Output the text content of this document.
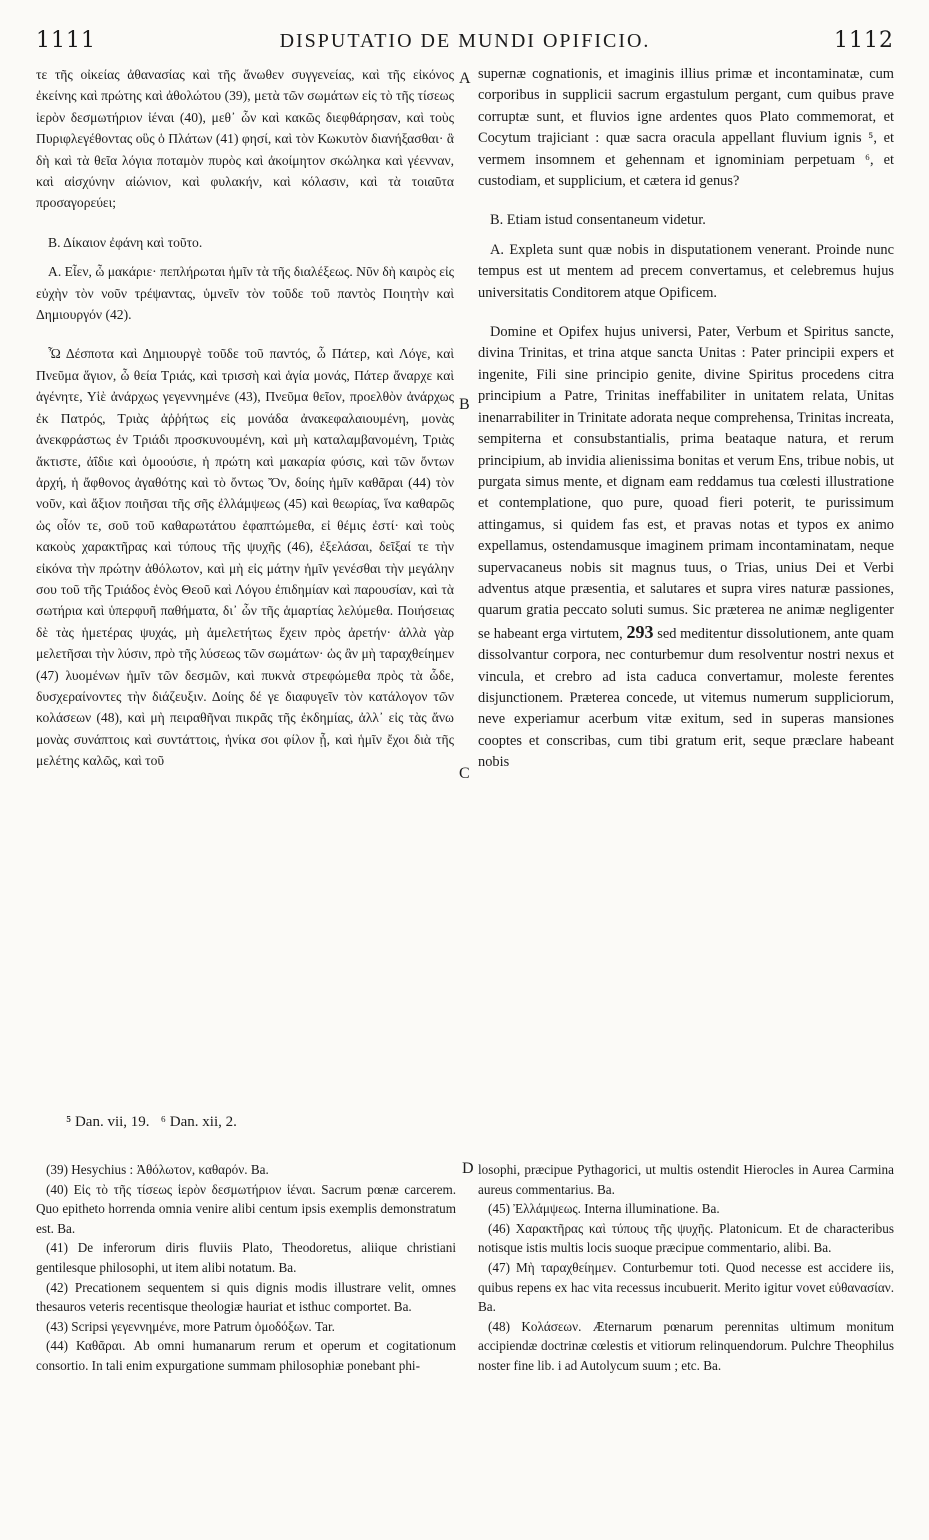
1111	DISPUTATIO DE MUNDI OPIFICIO.	1112
A
B
C
D

τε τῆς οἰκείας ἀθανασίας καὶ τῆς ἄνωθεν συγγενείας, καὶ τῆς εἰκόνος ἐκείνης καὶ πρώτης καὶ ἀθολώτου (39), μετὰ τῶν σωμάτων εἰς τὸ τῆς τίσεως ἱερὸν δεσμωτήριον ἰέναι (40), μεθ᾽ ὧν καὶ κακῶς διεφθάρησαν, καὶ τοὺς Πυριφλεγέθοντας οὓς ὁ Πλάτων (41) φησί, καὶ τὸν Κωκυτὸν διανήξασθαι· ἃ δὴ καὶ τὰ θεῖα λόγια ποταμὸν πυρὸς καὶ ἀκοίμητον σκώληκα καὶ γέενναν, καὶ αἰσχύνην αἰώνιον, καὶ φυλακήν, καὶ κόλασιν, καὶ τὰ τοιαῦτα προσαγορεύει;

Β. Δίκαιον ἐφάνη καὶ τοῦτο.

Α. Εἶεν, ὦ μακάριε· πεπλήρωται ἡμῖν τὰ τῆς διαλέξεως. Νῦν δὴ καιρὸς εἰς εὐχὴν τὸν νοῦν τρέψαντας, ὑμνεῖν τὸν τοῦδε τοῦ παντὸς Ποιητὴν καὶ Δημιουργόν (42).

Ὦ Δέσποτα καὶ Δημιουργὲ τοῦδε τοῦ παντός, ὦ Πάτερ, καὶ Λόγε, καὶ Πνεῦμα ἅγιον, ὦ θεία Τριάς, καὶ τρισσὴ καὶ ἁγία μονάς, Πάτερ ἄναρχε καὶ ἀγένητε, Υἱὲ ἀνάρχως γεγεννημένε (43), Πνεῦμα θεῖον, προελθὸν ἀνάρχως ἐκ Πατρός, Τριὰς ἀῤῥήτως εἰς μονάδα ἀνακεφαλαιουμένη, μονὰς ἀνεκφράστως ἐν Τριάδι προσκυνουμένη, καὶ μὴ καταλαμβανομένη, Τριὰς ἄκτιστε, ἀΐδιε καὶ ὁμοούσιε, ἡ πρώτη καὶ μακαρία φύσις, καὶ τῶν ὄντων ἀρχή, ἡ ἄφθονος ἀγαθότης καὶ τὸ ὄντως Ὄν, δοίης ἡμῖν καθᾶραι (44) τὸν νοῦν, καὶ ἄξιον ποιῆσαι τῆς σῆς ἐλλάμψεως (45) καὶ θεωρίας, ἵνα καθαρῶς ὡς οἷόν τε, σοῦ τοῦ καθαρωτάτου ἐφαπτώμεθα, εἰ θέμις ἐστί· καὶ τοὺς κακοὺς χαρακτῆρας καὶ τύπους τῆς ψυχῆς (46), ἐξελάσαι, δεῖξαί τε τὴν εἰκόνα τὴν πρώτην ἀθόλωτον, καὶ μὴ εἰς μάτην ἡμῖν γενέσθαι τὴν μεγάλην σου τοῦ τῆς Τριάδος ἑνὸς Θεοῦ καὶ Λόγου ἐπιδημίαν καὶ παρουσίαν, καὶ τὰ σωτήρια καὶ ὑπερφυῆ παθήματα, δι᾽ ὧν τῆς ἁμαρτίας λελύμεθα. Ποιήσειας δὲ τὰς ἡμετέρας ψυχάς, μὴ ἀμελετήτως ἔχειν πρὸς ἀρετήν· ἀλλὰ γὰρ μελετῆσαι τὴν λύσιν, πρὸ τῆς λύσεως τῶν σωμάτων· ὡς ἂν μὴ ταραχθείημεν (47) λυομένων ἡμῖν τῶν δεσμῶν, καὶ πυκνὰ στρεφώμεθα πρὸς τὰ ὧδε, δυσχεραίνοντες τὴν διάζευξιν. Δοίης δέ γε διαφυγεῖν τὸν κατάλογον τῶν κολάσεων (48), καὶ μὴ πειραθῆναι πικρᾶς τῆς ἐκδημίας, ἀλλ᾽ εἰς τὰς ἄνω μονὰς συνάπτοις καὶ συντάττοις, ἡνίκα σοι φίλον ᾖ, καὶ ἡμῖν ἔχοι διὰ τῆς μελέτης καλῶς, καὶ τοῦ

supernæ cognationis, et imaginis illius primæ et incontaminatæ, cum corporibus in supplicii sacrum ergastulum pergant, cum quibus prave corruptæ sunt, et fluvios igne ardentes quos Plato commemorat, et Cocytum trajiciant : quæ sacra oracula appellant fluvium ignis ⁵, et vermem insomnem et gehennam et ignominiam perpetuam ⁶, et custodiam, et supplicium, et cætera id genus?

B. Etiam istud consentaneum videtur.

A. Expleta sunt quæ nobis in disputationem venerant. Proinde nunc tempus est ut mentem ad precem convertamus, et celebremus hujus universitatis Conditorem atque Opificem.

Domine et Opifex hujus universi, Pater, Verbum et Spiritus sancte, divina Trinitas, et trina atque sancta Unitas : Pater principii expers et ingenite, Fili sine principio genite, divine Spiritus procedens citra principium a Patre, Trinitas ineffabiliter in unitatem relata, Unitas inenarrabiliter in Trinitate adorata neque comprehensa, Trinitas increata, sempiterna et consubstantialis, prima beataque natura, et rerum principium, ab invidia alienissima bonitas et verum Ens, tribue nobis, ut purgata simus mente, et dignam eam reddamus tua cœlesti illustratione et contemplatione, quo pure, quoad fieri poterit, te purissimum attingamus, si quidem fas est, et pravas notas et typos ex animo expellamus, ostendamusque imaginem primam incontaminatam, neque supervacaneus nobis sit magnus tuus, o Trias, unius Dei et Verbi adventus atque præsentia, et salutares et supra vires naturæ passiones, quarum gratia peccato soluti sumus. Sic præterea ne animæ negligenter se habeant erga virtutem, 293 sed meditentur dissolutionem, ante quam dissolvantur corpora, nec conturbemur dum resolventur nostri nexus et vincula, et crebro ad ista caduca convertamur, moleste ferentes disjunctionem. Præterea concede, ut vitemus numerum suppliciorum, neve experiamur acerbum vitæ exitum, sed in superas mansiones cooptes et conscribas, cum tibi gratum erit, seque præclare habeant nobis

⁵ Dan. vii, 19.   ⁶ Dan. xii, 2.

(39) Hesychius : Ἀθόλωτον, καθαρόν. Ba.

(40) Εἰς τὸ τῆς τίσεως ἱερὸν δεσμωτήριον ἰέναι. Sacrum pœnæ carcerem. Quo epitheto horrenda omnia venire alibi centum ipsis exemplis demonstratum est. Ba.

(41) De inferorum diris fluviis Plato, Theodoretus, aliique christiani gentilesque philosophi, ut item alibi notatum. Ba.

(42) Precationem sequentem si quis dignis modis illustrare velit, omnes thesauros veteris recentisque theologiæ hauriat et isthuc comportet. Ba.

(43) Scripsi γεγεννημένε, more Patrum ὁμοδόξων. Tar.

(44) Καθᾶραι. Ab omni humanarum rerum et operum et cogitationum consortio. In tali enim expurgatione summam philosophiæ ponebant phi-

losophi, præcipue Pythagorici, ut multis ostendit Hierocles in Aurea Carmina aureus commentarius. Ba.

(45) Ἐλλάμψεως. Interna illuminatione. Ba.

(46) Χαρακτῆρας καὶ τύπους τῆς ψυχῆς. Platonicum. Et de characteribus notisque istis multis locis suoque præcipue commentario, alibi. Ba.

(47) Μὴ ταραχθείημεν. Conturbemur toti. Quod necesse est accidere iis, quibus repens ex hac vita recessus incubuerit. Merito igitur vovet εὐθανασίαν. Ba.

(48) Κολάσεων. Æternarum pœnarum perennitas ultimum monitum accipiendæ doctrinæ cœlestis et vitiorum relinquendorum. Pulchre Theophilus noster fine lib. i ad Autolycum suum ; etc. Ba.
